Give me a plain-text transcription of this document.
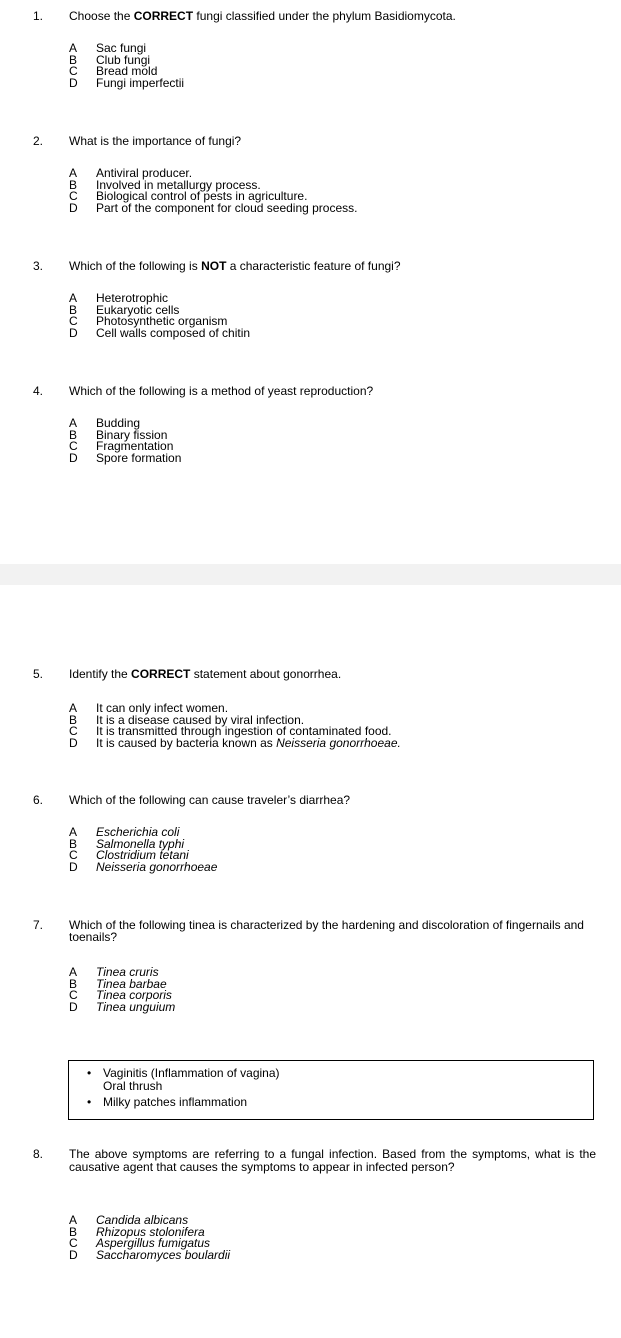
1. Choose the CORRECT fungi classified under the phylum Basidiomycota.
A Sac fungi
B Club fungi
C Bread mold
D Fungi imperfectii
2. What is the importance of fungi?
A Antiviral producer.
B Involved in metallurgy process.
C Biological control of pests in agriculture.
D Part of the component for cloud seeding process.
3. Which of the following is NOT a characteristic feature of fungi?
A Heterotrophic
B Eukaryotic cells
C Photosynthetic organism
D Cell walls composed of chitin
4. Which of the following is a method of yeast reproduction?
A Budding
B Binary fission
C Fragmentation
D Spore formation
5. Identify the CORRECT statement about gonorrhea.
A It can only infect women.
B It is a disease caused by viral infection.
C It is transmitted through ingestion of contaminated food.
D It is caused by bacteria known as Neisseria gonorrhoeae.
6. Which of the following can cause traveler’s diarrhea?
A Escherichia coli
B Salmonella typhi
C Clostridium tetani
D Neisseria gonorrhoeae
7. Which of the following tinea is characterized by the hardening and discoloration of fingernails and toenails?
A Tinea cruris
B Tinea barbae
C Tinea corporis
D Tinea unguium
• Vaginitis (Inflammation of vagina)
Oral thrush
• Milky patches inflammation
8. The above symptoms are referring to a fungal infection. Based from the symptoms, what is the causative agent that causes the symptoms to appear in infected person?
A Candida albicans
B Rhizopus stolonifera
C Aspergillus fumigatus
D Saccharomyces boulardii
